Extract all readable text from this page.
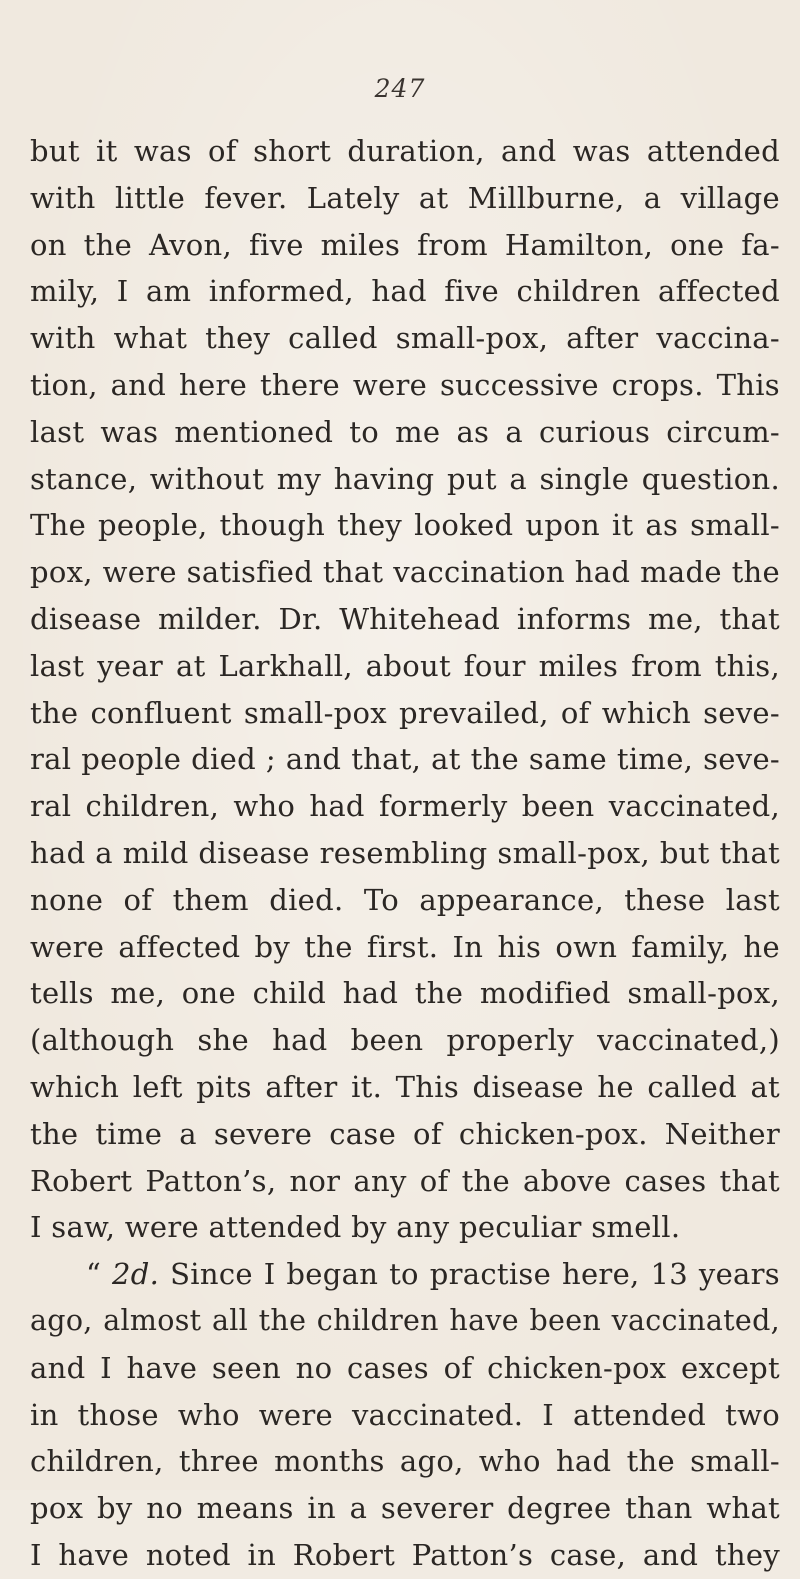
247
but it was of short duration, and was attended
with little fever. Lately at Millburne, a village
on the Avon, five miles from Hamilton, one fa-
mily, I am informed, had five children affected
with what they called small-pox, after vaccina-
tion, and here there were successive crops. This
last was mentioned to me as a curious circum-
stance, without my having put a single question.
The people, though they looked upon it as small-
pox, were satisfied that vaccination had made the
disease milder. Dr. Whitehead informs me, that
last year at Larkhall, about four miles from this,
the confluent small-pox prevailed, of which seve-
ral people died ; and that, at the same time, seve-
ral children, who had formerly been vaccinated,
had a mild disease resembling small-pox, but that
none of them died. To appearance, these last
were affected by the first. In his own family, he
tells me, one child had the modified small-pox,
(although she had been properly vaccinated,)
which left pits after it. This disease he called at
the time a severe case of chicken-pox. Neither
Robert Patton’s, nor any of the above cases that
I saw, were attended by any peculiar smell.
“ 2d. Since I began to practise here, 13 years
ago, almost all the children have been vaccinated,
and I have seen no cases of chicken-pox except
in those who were vaccinated. I attended two
children, three months ago, who had the small-
pox by no means in a severer degree than what
I have noted in Robert Patton’s case, and they
